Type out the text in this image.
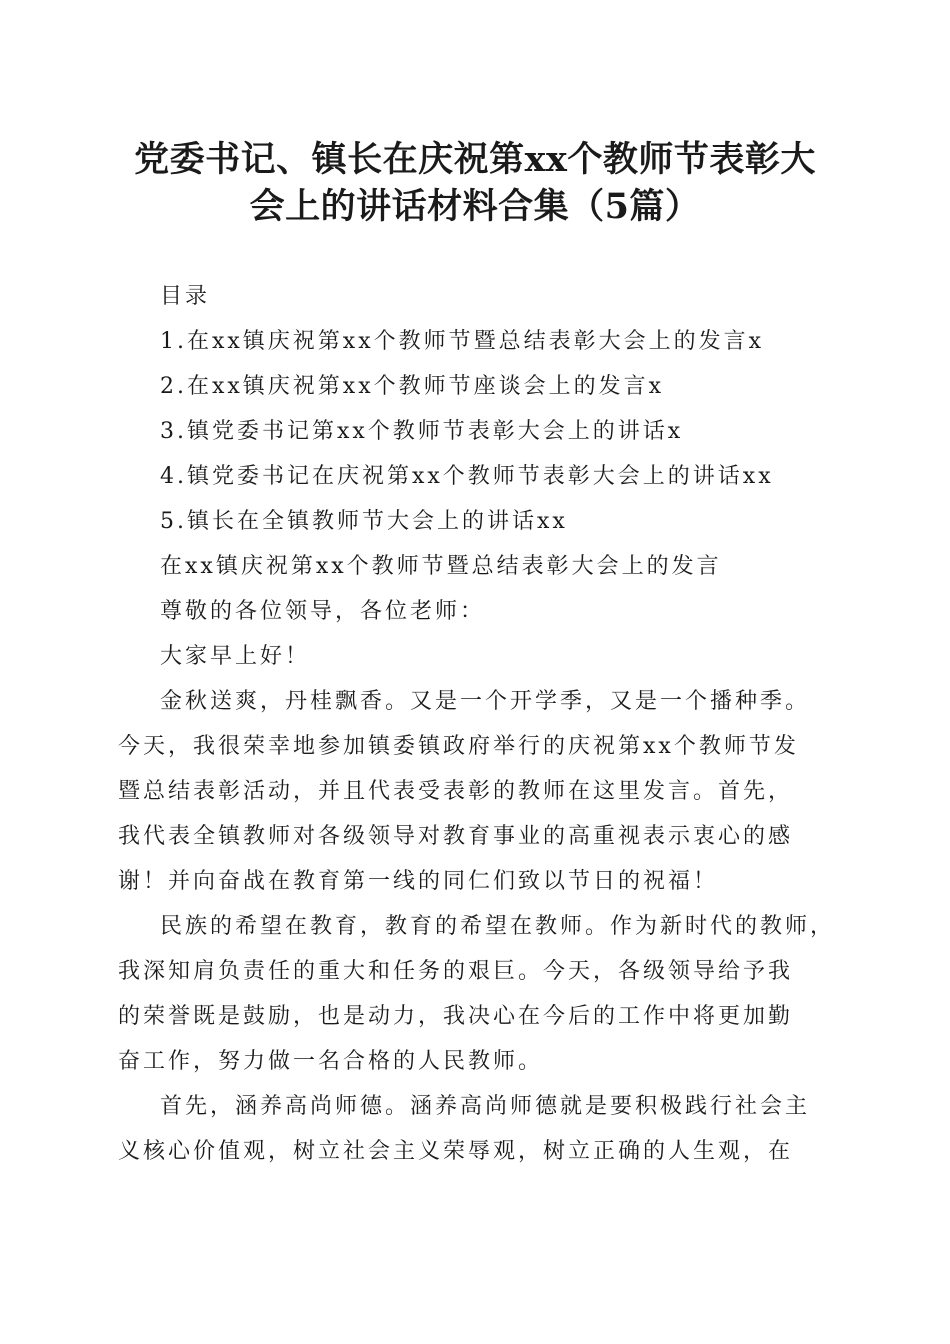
党委书记、镇长在庆祝第xx个教师节表彰大
会上的讲话材料合集（5篇）
目录
1.在xx镇庆祝第xx个教师节暨总结表彰大会上的发言x
2.在xx镇庆祝第xx个教师节座谈会上的发言x
3.镇党委书记第xx个教师节表彰大会上的讲话x
4.镇党委书记在庆祝第xx个教师节表彰大会上的讲话xx
5.镇长在全镇教师节大会上的讲话xx
在xx镇庆祝第xx个教师节暨总结表彰大会上的发言
尊敬的各位领导，各位老师：
大家早上好！
金秋送爽，丹桂飘香。又是一个开学季，又是一个播种季。
今天，我很荣幸地参加镇委镇政府举行的庆祝第xx个教师节发
暨总结表彰活动，并且代表受表彰的教师在这里发言。首先，
我代表全镇教师对各级领导对教育事业的高重视表示衷心的感
谢！并向奋战在教育第一线的同仁们致以节日的祝福！
民族的希望在教育，教育的希望在教师。作为新时代的教师，
我深知肩负责任的重大和任务的艰巨。今天，各级领导给予我
的荣誉既是鼓励，也是动力，我决心在今后的工作中将更加勤
奋工作，努力做一名合格的人民教师。
首先，涵养高尚师德。涵养高尚师德就是要积极践行社会主
义核心价值观，树立社会主义荣辱观，树立正确的人生观，在
